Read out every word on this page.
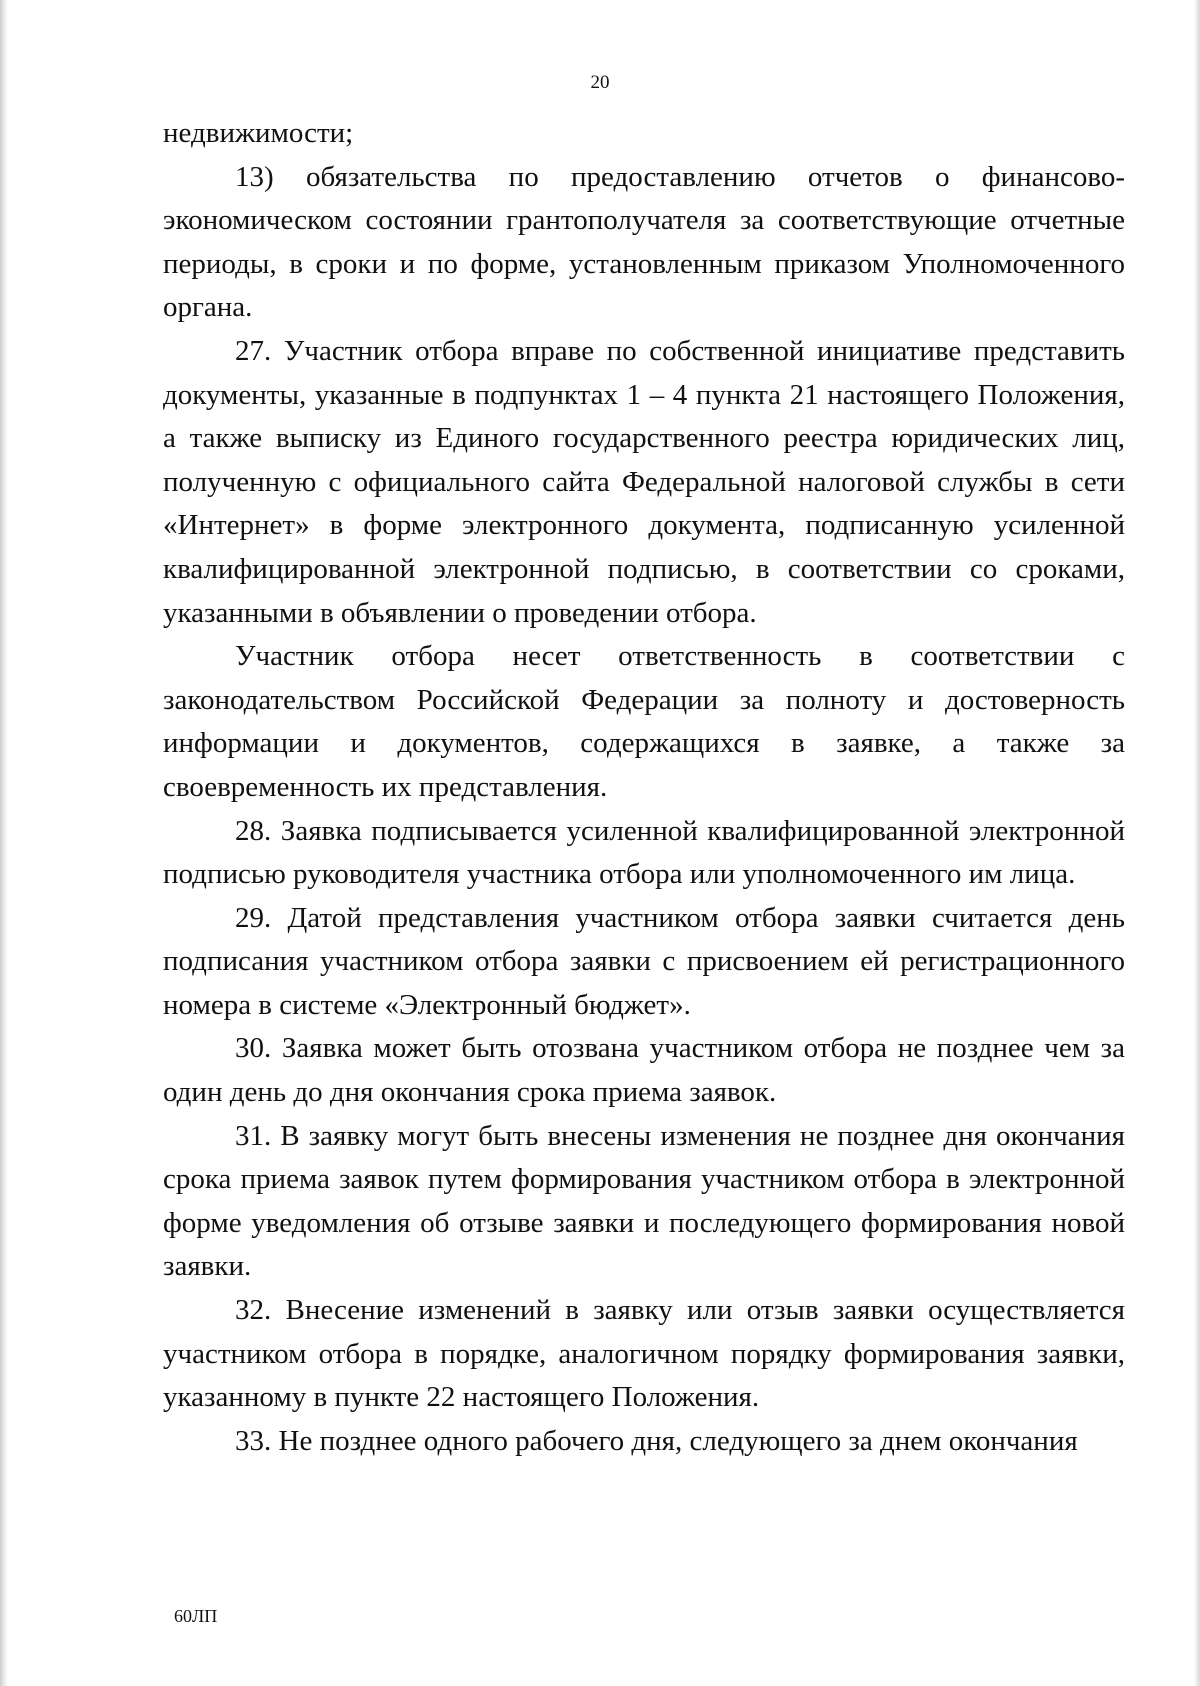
20

недвижимости;

13) обязательства по предоставлению отчетов о финансово-экономическом состоянии грантополучателя за соответствующие отчетные периоды, в сроки и по форме, установленным приказом Уполномоченного органа.

27. Участник отбора вправе по собственной инициативе представить документы, указанные в подпунктах 1 – 4 пункта 21 настоящего Положения, а также выписку из Единого государственного реестра юридических лиц, полученную с официального сайта Федеральной налоговой службы в сети «Интернет» в форме электронного документа, подписанную усиленной квалифицированной электронной подписью, в соответствии со сроками, указанными в объявлении о проведении отбора.

Участник отбора несет ответственность в соответствии с законодательством Российской Федерации за полноту и достоверность информации и документов, содержащихся в заявке, а также за своевременность их представления.

28. Заявка подписывается усиленной квалифицированной электронной подписью руководителя участника отбора или уполномоченного им лица.

29. Датой представления участником отбора заявки считается день подписания участником отбора заявки с присвоением ей регистрационного номера в системе «Электронный бюджет».

30. Заявка может быть отозвана участником отбора не позднее чем за один день до дня окончания срока приема заявок.

31. В заявку могут быть внесены изменения не позднее дня окончания срока приема заявок путем формирования участником отбора в электронной форме уведомления об отзыве заявки и последующего формирования новой заявки.

32. Внесение изменений в заявку или отзыв заявки осуществляется участником отбора в порядке, аналогичном порядку формирования заявки, указанному в пункте 22 настоящего Положения.

33. Не позднее одного рабочего дня, следующего за днем окончания

60ЛП
